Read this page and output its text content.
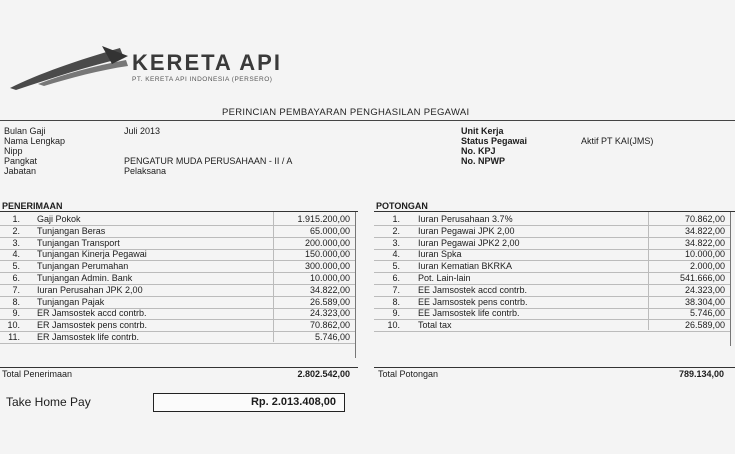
KERETA API
PT. KERETA API INDONESIA (PERSERO)
PERINCIAN PEMBAYARAN PENGHASILAN PEGAWAI
Bulan Gaji	Juli 2013
Nama Lengkap
Nipp
Pangkat	PENGATUR MUDA PERUSAHAAN - II / A
Jabatan	Pelaksana
Unit Kerja
Status Pegawai	Aktif PT KAI(JMS)
No. KPJ
No. NPWP
PENERIMAAN
1. Gaji Pokok	1.915.200,00
2. Tunjangan Beras	65.000,00
3. Tunjangan Transport	200.000,00
4. Tunjangan Kinerja Pegawai	150.000,00
5. Tunjangan Perumahan	300.000,00
6. Tunjangan Admin. Bank	10.000,00
7. Iuran Perusahan JPK 2,00	34.822,00
8. Tunjangan Pajak	26.589,00
9. ER Jamsostek accd contrb.	24.323,00
10. ER Jamsostek pens contrb.	70.862,00
11. ER Jamsostek life contrb.	5.746,00
Total Penerimaan	2.802.542,00
POTONGAN
1. Iuran Perusahaan 3.7%	70.862,00
2. Iuran Pegawai JPK 2,00	34.822,00
3. Iuran Pegawai JPK2 2,00	34.822,00
4. Iuran Spka	10.000,00
5. Iuran Kematian BKRKA	2.000,00
6. Pot. Lain-lain	541.666,00
7. EE Jamsostek accd contrb.	24.323,00
8. EE Jamsostek pens contrb.	38.304,00
9. EE Jamsostek life contrb.	5.746,00
10. Total tax	26.589,00
Total Potongan	789.134,00
Take Home Pay	Rp. 2.013.408,00
